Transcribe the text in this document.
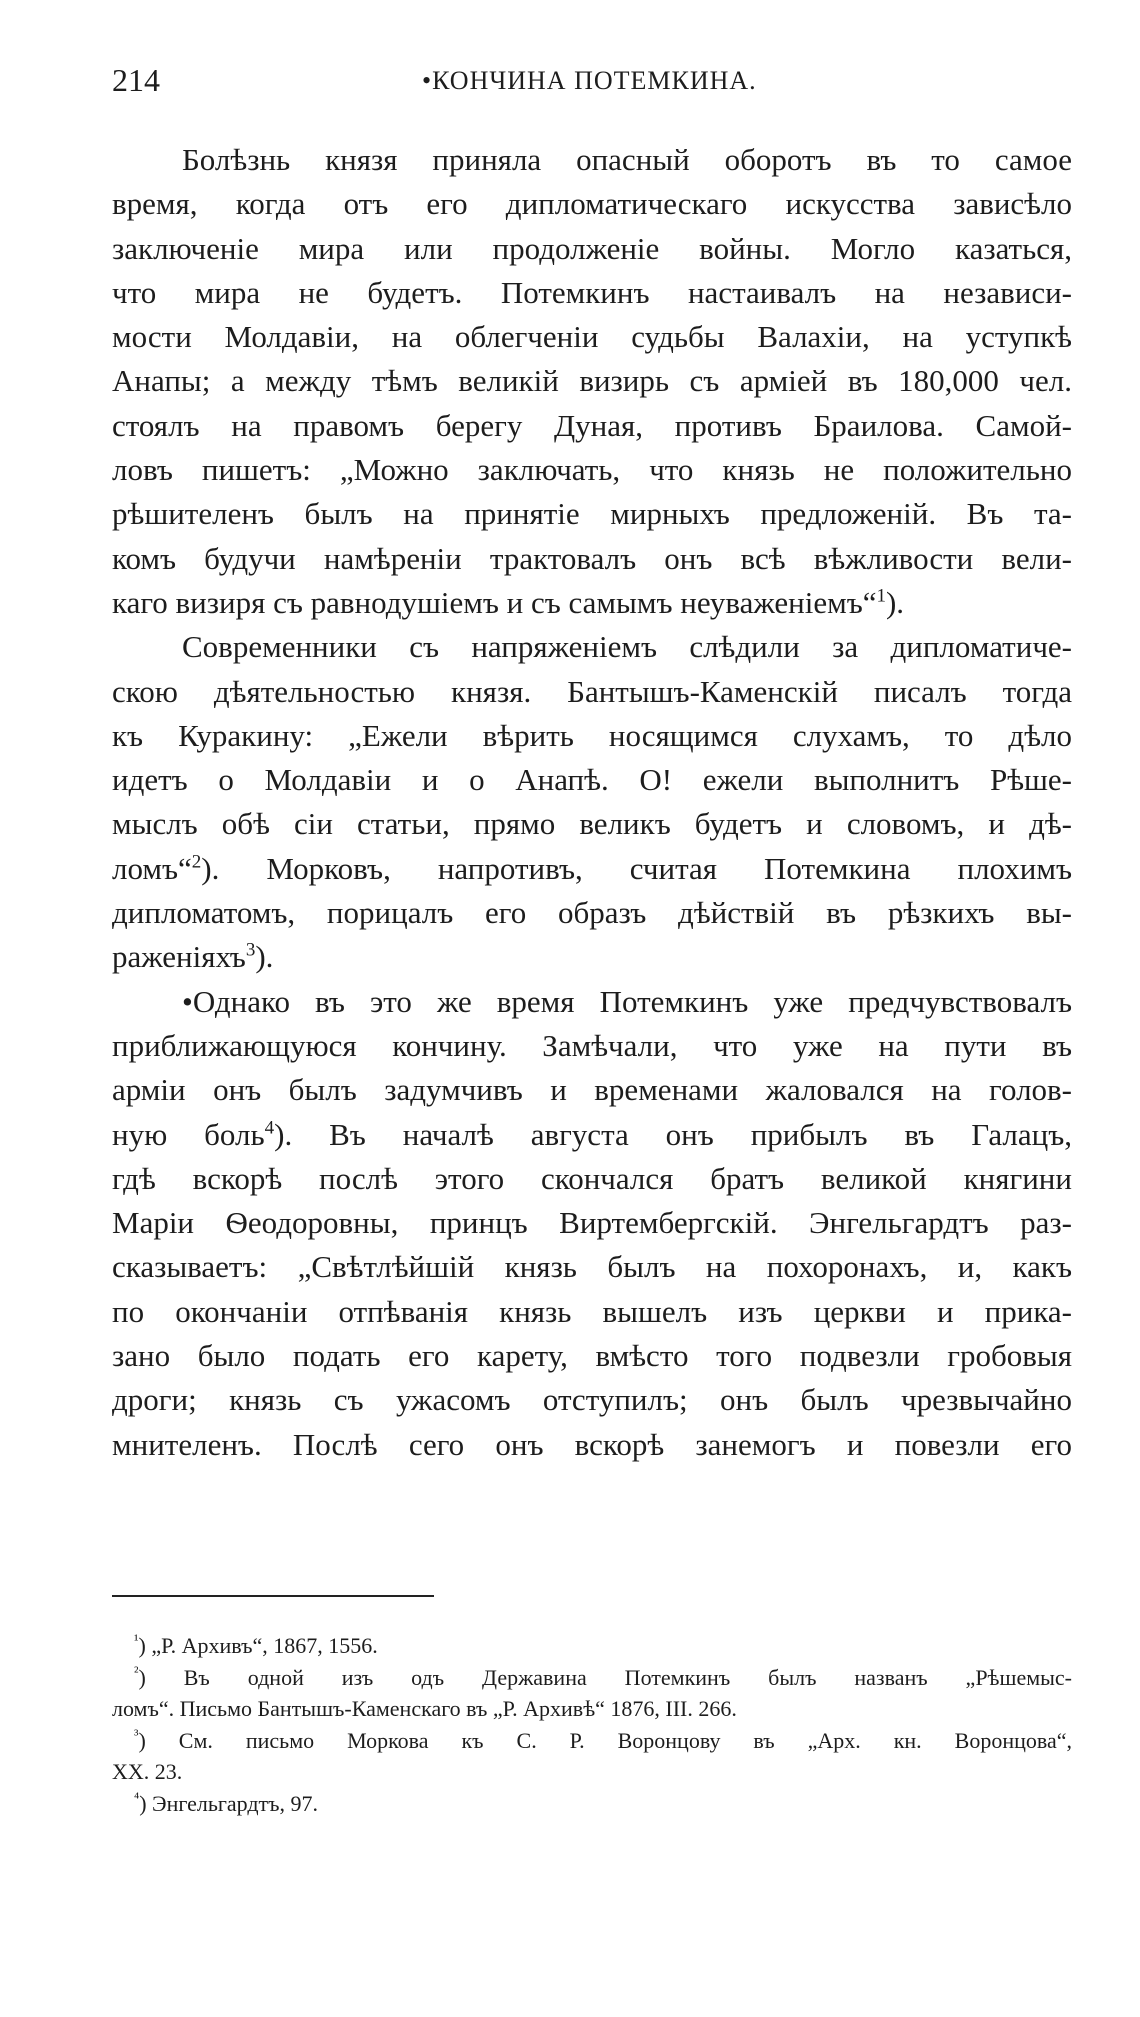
214	•КОНЧИНА ПОТЕМКИНА.
Болѣзнь князя приняла опасный оборотъ въ то самое
время, когда отъ его дипломатическаго искусства зависѣло
заключеніе мира или продолженіе войны. Могло казаться,
что мира не будетъ. Потемкинъ настаивалъ на независи-
мости Молдавіи, на облегченіи судьбы Валахіи, на уступкѣ
Анапы; а между тѣмъ великій визирь съ арміей въ 180,000 чел.
стоялъ на правомъ берегу Дуная, противъ Браилова. Самой-
ловъ пишетъ: „Можно заключать, что князь не положительно
рѣшителенъ былъ на принятіе мирныхъ предложеній. Въ та-
комъ будучи намѣреніи трактовалъ онъ всѣ вѣжливости вели-
каго визиря съ равнодушіемъ и съ самымъ неуваженіемъ“$^1$).
Современники съ напряженіемъ слѣдили за дипломатиче-
скою дѣятельностью князя. Бантышъ-Каменскій писалъ тогда
къ Куракину: „Ежели вѣрить носящимся слухамъ, то дѣло
идетъ о Молдавіи и о Анапѣ. О! ежели выполнитъ Рѣше-
мыслъ обѣ сіи статьи, прямо великъ будетъ и словомъ, и дѣ-
ломъ“$^2$). Морковъ, напротивъ, считая Потемкина плохимъ
дипломатомъ, порицалъ его образъ дѣйствій въ рѣзкихъ вы-
раженіяхъ$^3$).
•Однако въ это же время Потемкинъ уже предчувствовалъ
приближающуюся кончину. Замѣчали, что уже на пути въ
арміи онъ былъ задумчивъ и временами жаловался на голов-
ную боль$^4$). Въ началѣ августа онъ прибылъ въ Галацъ,
гдѣ вскорѣ послѣ этого скончался братъ великой княгини
Маріи Ѳеодоровны, принцъ Виртембергскій. Энгельгардтъ раз-
сказываетъ: „Свѣтлѣйшій князь былъ на похоронахъ, и, какъ
по окончаніи отпѣванія князь вышелъ изъ церкви и прика-
зано было подать его карету, вмѣсто того подвезли гробовыя
дроги; князь съ ужасомъ отступилъ; онъ былъ чрезвычайно
мнителенъ. Послѣ сего онъ вскорѣ занемогъ и повезли его
$^{^1}$) „Р. Архивъ“, 1867, 1556.
$^{^2}$) Въ одной изъ одъ Державина Потемкинъ былъ названъ „Рѣшемыс-
ломъ“. Письмо Бантышъ-Каменскаго въ „Р. Архивѣ“ 1876, III. 266.
$^{^3}$) См. письмо Моркова къ С. Р. Воронцову въ „Арх. кн. Воронцова“,
XX. 23.
$^{^4}$) Энгельгардтъ, 97.
